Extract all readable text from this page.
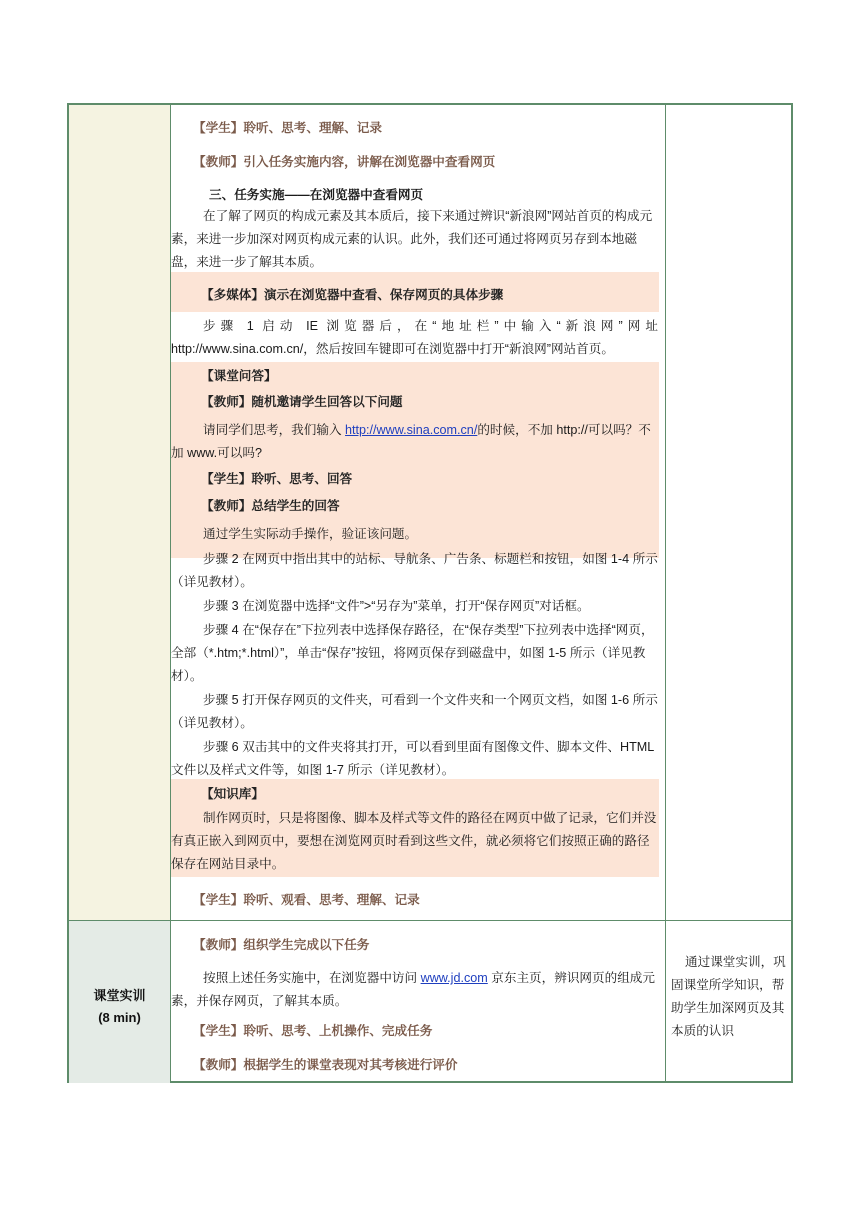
课堂实训
(8 min)
【学生】聆听、思考、理解、记录
【教师】引入任务实施内容，讲解在浏览器中查看网页
三、任务实施——在浏览器中查看网页
在了解了网页的构成元素及其本质后，接下来通过辨识“新浪网”网站首页的构成元素，来进一步加深对网页构成元素的认识。此外，我们还可通过将网页另存到本地磁盘，来进一步了解其本质。
【多媒体】演示在浏览器中查看、保存网页的具体步骤
步骤 1 启动 IE 浏览器后，在“地址栏”中输入“新浪网”网址
http://www.sina.com.cn/，然后按回车键即可在浏览器中打开“新浪网”网站首页。
【课堂问答】
【教师】随机邀请学生回答以下问题
请同学们思考，我们输入 http://www.sina.com.cn/的时候，不加 http://可以吗？不加 www.可以吗?
【学生】聆听、思考、回答
【教师】总结学生的回答
通过学生实际动手操作，验证该问题。
步骤 2 在网页中指出其中的站标、导航条、广告条、标题栏和按钮，如图 1-4 所示（详见教材）。
步骤 3 在浏览器中选择“文件”>“另存为”菜单，打开“保存网页”对话框。
步骤 4 在“保存在”下拉列表中选择保存路径，在“保存类型”下拉列表中选择“网页，全部（*.htm;*.html）”，单击“保存”按钮，将网页保存到磁盘中，如图 1-5 所示（详见教材）。
步骤 5 打开保存网页的文件夹，可看到一个文件夹和一个网页文档，如图 1-6 所示（详见教材）。
步骤 6 双击其中的文件夹将其打开，可以看到里面有图像文件、脚本文件、HTML 文件以及样式文件等，如图 1-7 所示（详见教材）。
【知识库】
制作网页时，只是将图像、脚本及样式等文件的路径在网页中做了记录，它们并没有真正嵌入到网页中，要想在浏览网页时看到这些文件，就必须将它们按照正确的路径保存在网站目录中。
【学生】聆听、观看、思考、理解、记录
【教师】组织学生完成以下任务
按照上述任务实施中，在浏览器中访问 www.jd.com 京东主页，辨识网页的组成元素，并保存网页，了解其本质。
【学生】聆听、思考、上机操作、完成任务
【教师】根据学生的课堂表现对其考核进行评价
通过课堂实训，巩固课堂所学知识，帮助学生加深网页及其本质的认识
